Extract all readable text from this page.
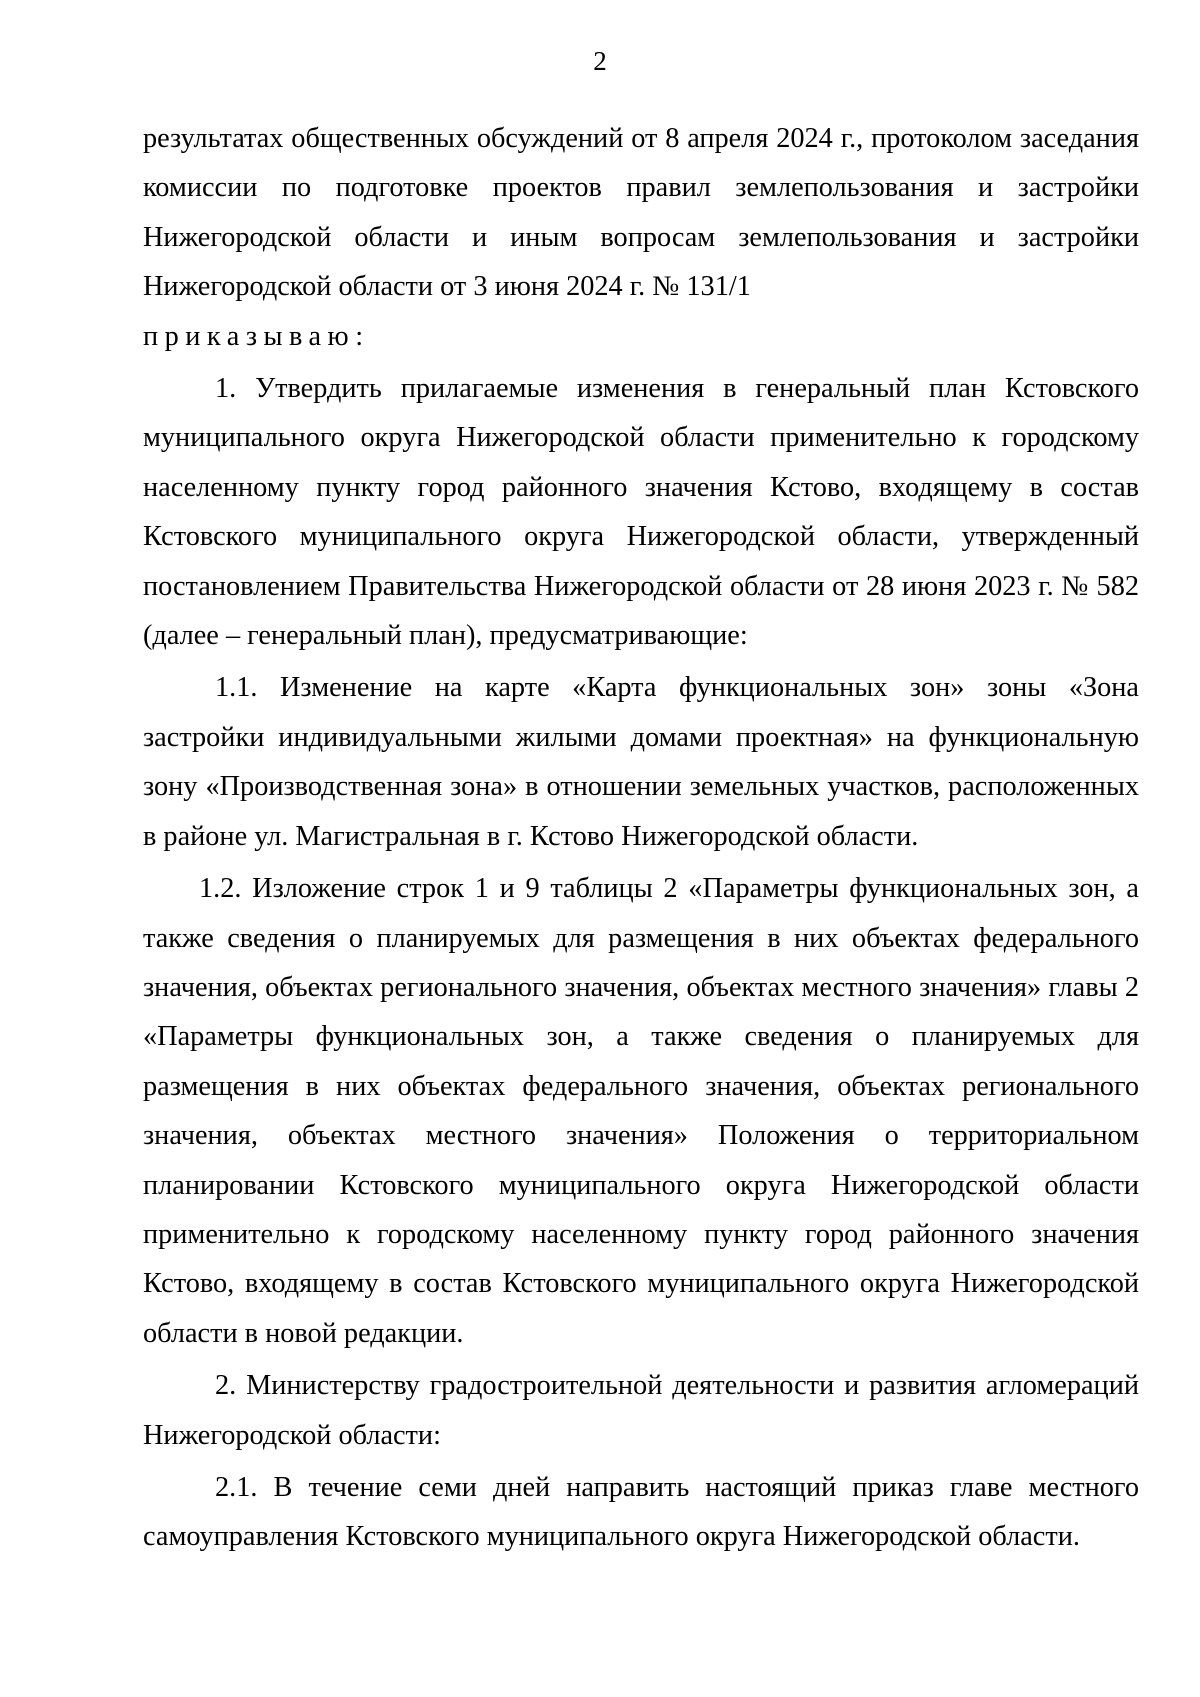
2

результатах общественных обсуждений от 8 апреля 2024 г., протоколом заседания комиссии по подготовке проектов правил землепользования и застройки Нижегородской области и иным вопросам землепользования и застройки Нижегородской области от 3 июня 2024 г. № 131/1

приказываю:

1. Утвердить прилагаемые изменения в генеральный план Кстовского муниципального округа Нижегородской области применительно к городскому населенному пункту город районного значения Кстово, входящему в состав Кстовского муниципального округа Нижегородской области, утвержденный постановлением Правительства Нижегородской области от 28 июня 2023 г. № 582 (далее – генеральный план), предусматривающие:

1.1. Изменение на карте «Карта функциональных зон» зоны «Зона застройки индивидуальными жилыми домами проектная» на функциональную зону «Производственная зона» в отношении земельных участков, расположенных в районе ул. Магистральная в г. Кстово Нижегородской области.

1.2. Изложение строк 1 и 9 таблицы 2 «Параметры функциональных зон, а также сведения о планируемых для размещения в них объектах федерального значения, объектах регионального значения, объектах местного значения» главы 2 «Параметры функциональных зон, а также сведения о планируемых для размещения в них объектах федерального значения, объектах регионального значения, объектах местного значения» Положения о территориальном планировании Кстовского муниципального округа Нижегородской области применительно к городскому населенному пункту город районного значения Кстово, входящему в состав Кстовского муниципального округа Нижегородской области в новой редакции.

2. Министерству градостроительной деятельности и развития агломераций Нижегородской области:

2.1. В течение семи дней направить настоящий приказ главе местного самоуправления Кстовского муниципального округа Нижегородской области.
